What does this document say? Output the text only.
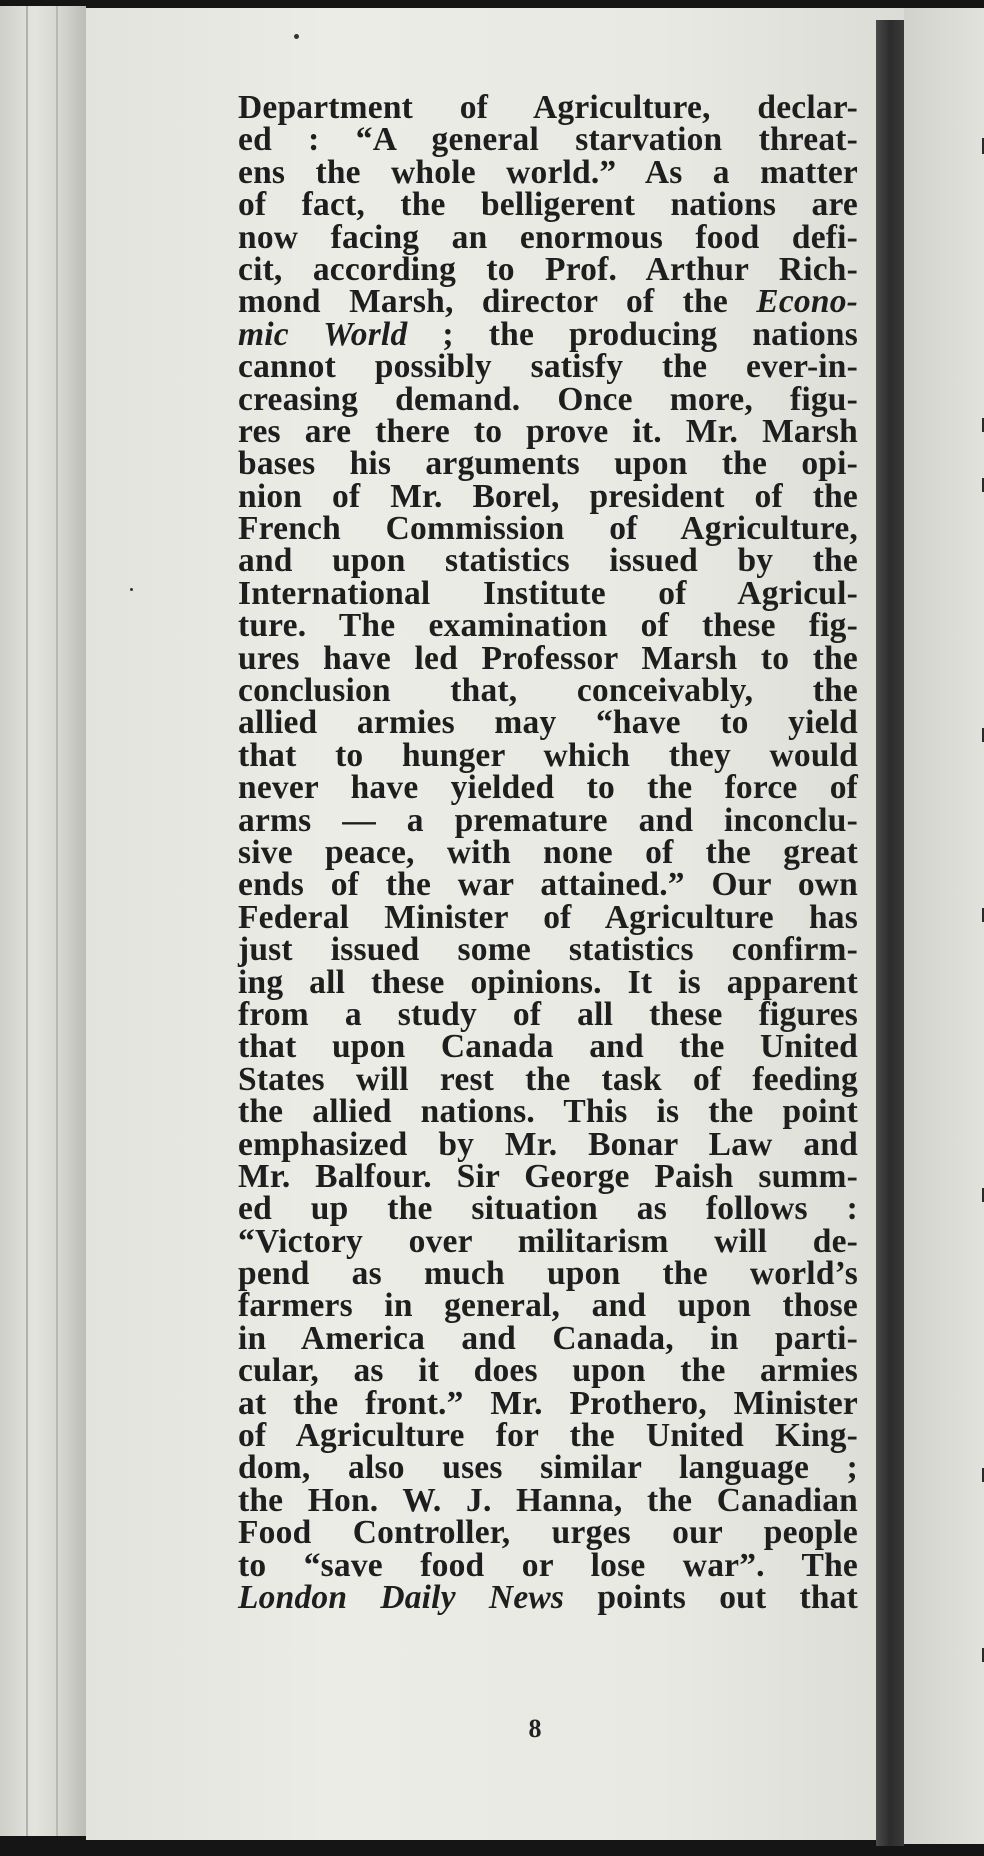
Department of Agriculture, declar-
ed : “A general starvation threat-
ens the whole world.” As a matter
of fact, the belligerent nations are
now facing an enormous food defi-
cit, according to Prof. Arthur Rich-
mond Marsh, director of the Econo-
mic World ; the producing nations
cannot possibly satisfy the ever-in-
creasing demand. Once more, figu-
res are there to prove it. Mr. Marsh
bases his arguments upon the opi-
nion of Mr. Borel, president of the
French Commission of Agriculture,
and upon statistics issued by the
International Institute of Agricul-
ture. The examination of these fig-
ures have led Professor Marsh to the
conclusion that, conceivably, the
allied armies may “have to yield
that to hunger which they would
never have yielded to the force of
arms — a premature and inconclu-
sive peace, with none of the great
ends of the war attained.” Our own
Federal Minister of Agriculture has
just issued some statistics confirm-
ing all these opinions. It is apparent
from a study of all these figures
that upon Canada and the United
States will rest the task of feeding
the allied nations. This is the point
emphasized by Mr. Bonar Law and
Mr. Balfour. Sir George Paish summ-
ed up the situation as follows :
“Victory over militarism will de-
pend as much upon the world’s
farmers in general, and upon those
in America and Canada, in parti-
cular, as it does upon the armies
at the front.” Mr. Prothero, Minister
of Agriculture for the United King-
dom, also uses similar language ;
the Hon. W. J. Hanna, the Canadian
Food Controller, urges our people
to “save food or lose war”. The
London Daily News points out that

8
